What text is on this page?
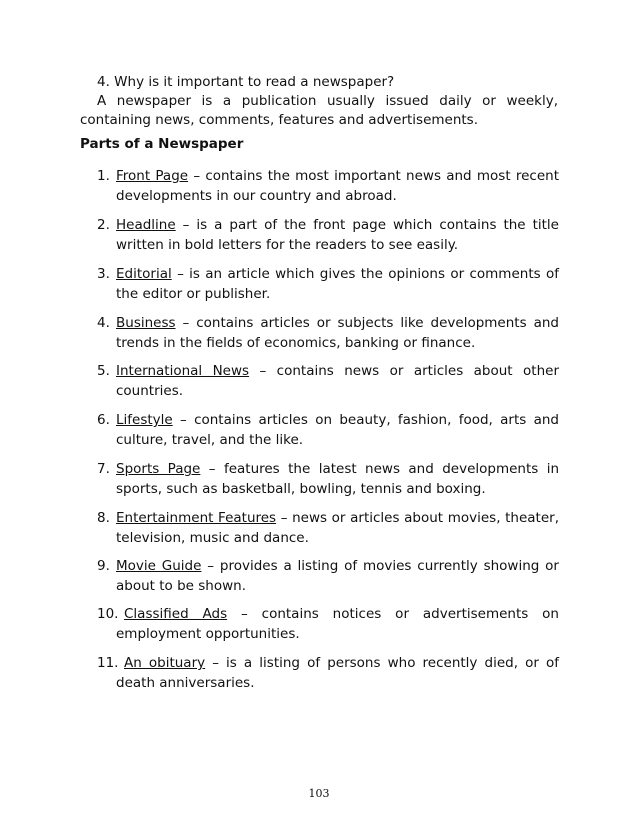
4. Why is it important to read a newspaper?
A newspaper is a publication usually issued daily or weekly, containing news, comments, features and advertisements.
Parts of a Newspaper
1. Front Page – contains the most important news and most recent developments in our country and abroad.
2. Headline – is a part of the front page which contains the title written in bold letters for the readers to see easily.
3. Editorial – is an article which gives the opinions or comments of the editor or publisher.
4. Business – contains articles or subjects like developments and trends in the fields of economics, banking or finance.
5. International News – contains news or articles about other countries.
6. Lifestyle – contains articles on beauty, fashion, food, arts and culture, travel, and the like.
7. Sports Page – features the latest news and developments in sports, such as basketball, bowling, tennis and boxing.
8. Entertainment Features – news or articles about movies, theater, television, music and dance.
9. Movie Guide – provides a listing of movies currently showing or about to be shown.
10. Classified Ads – contains notices or advertisements on employment opportunities.
11. An obituary – is a listing of persons who recently died, or of death anniversaries.
103
